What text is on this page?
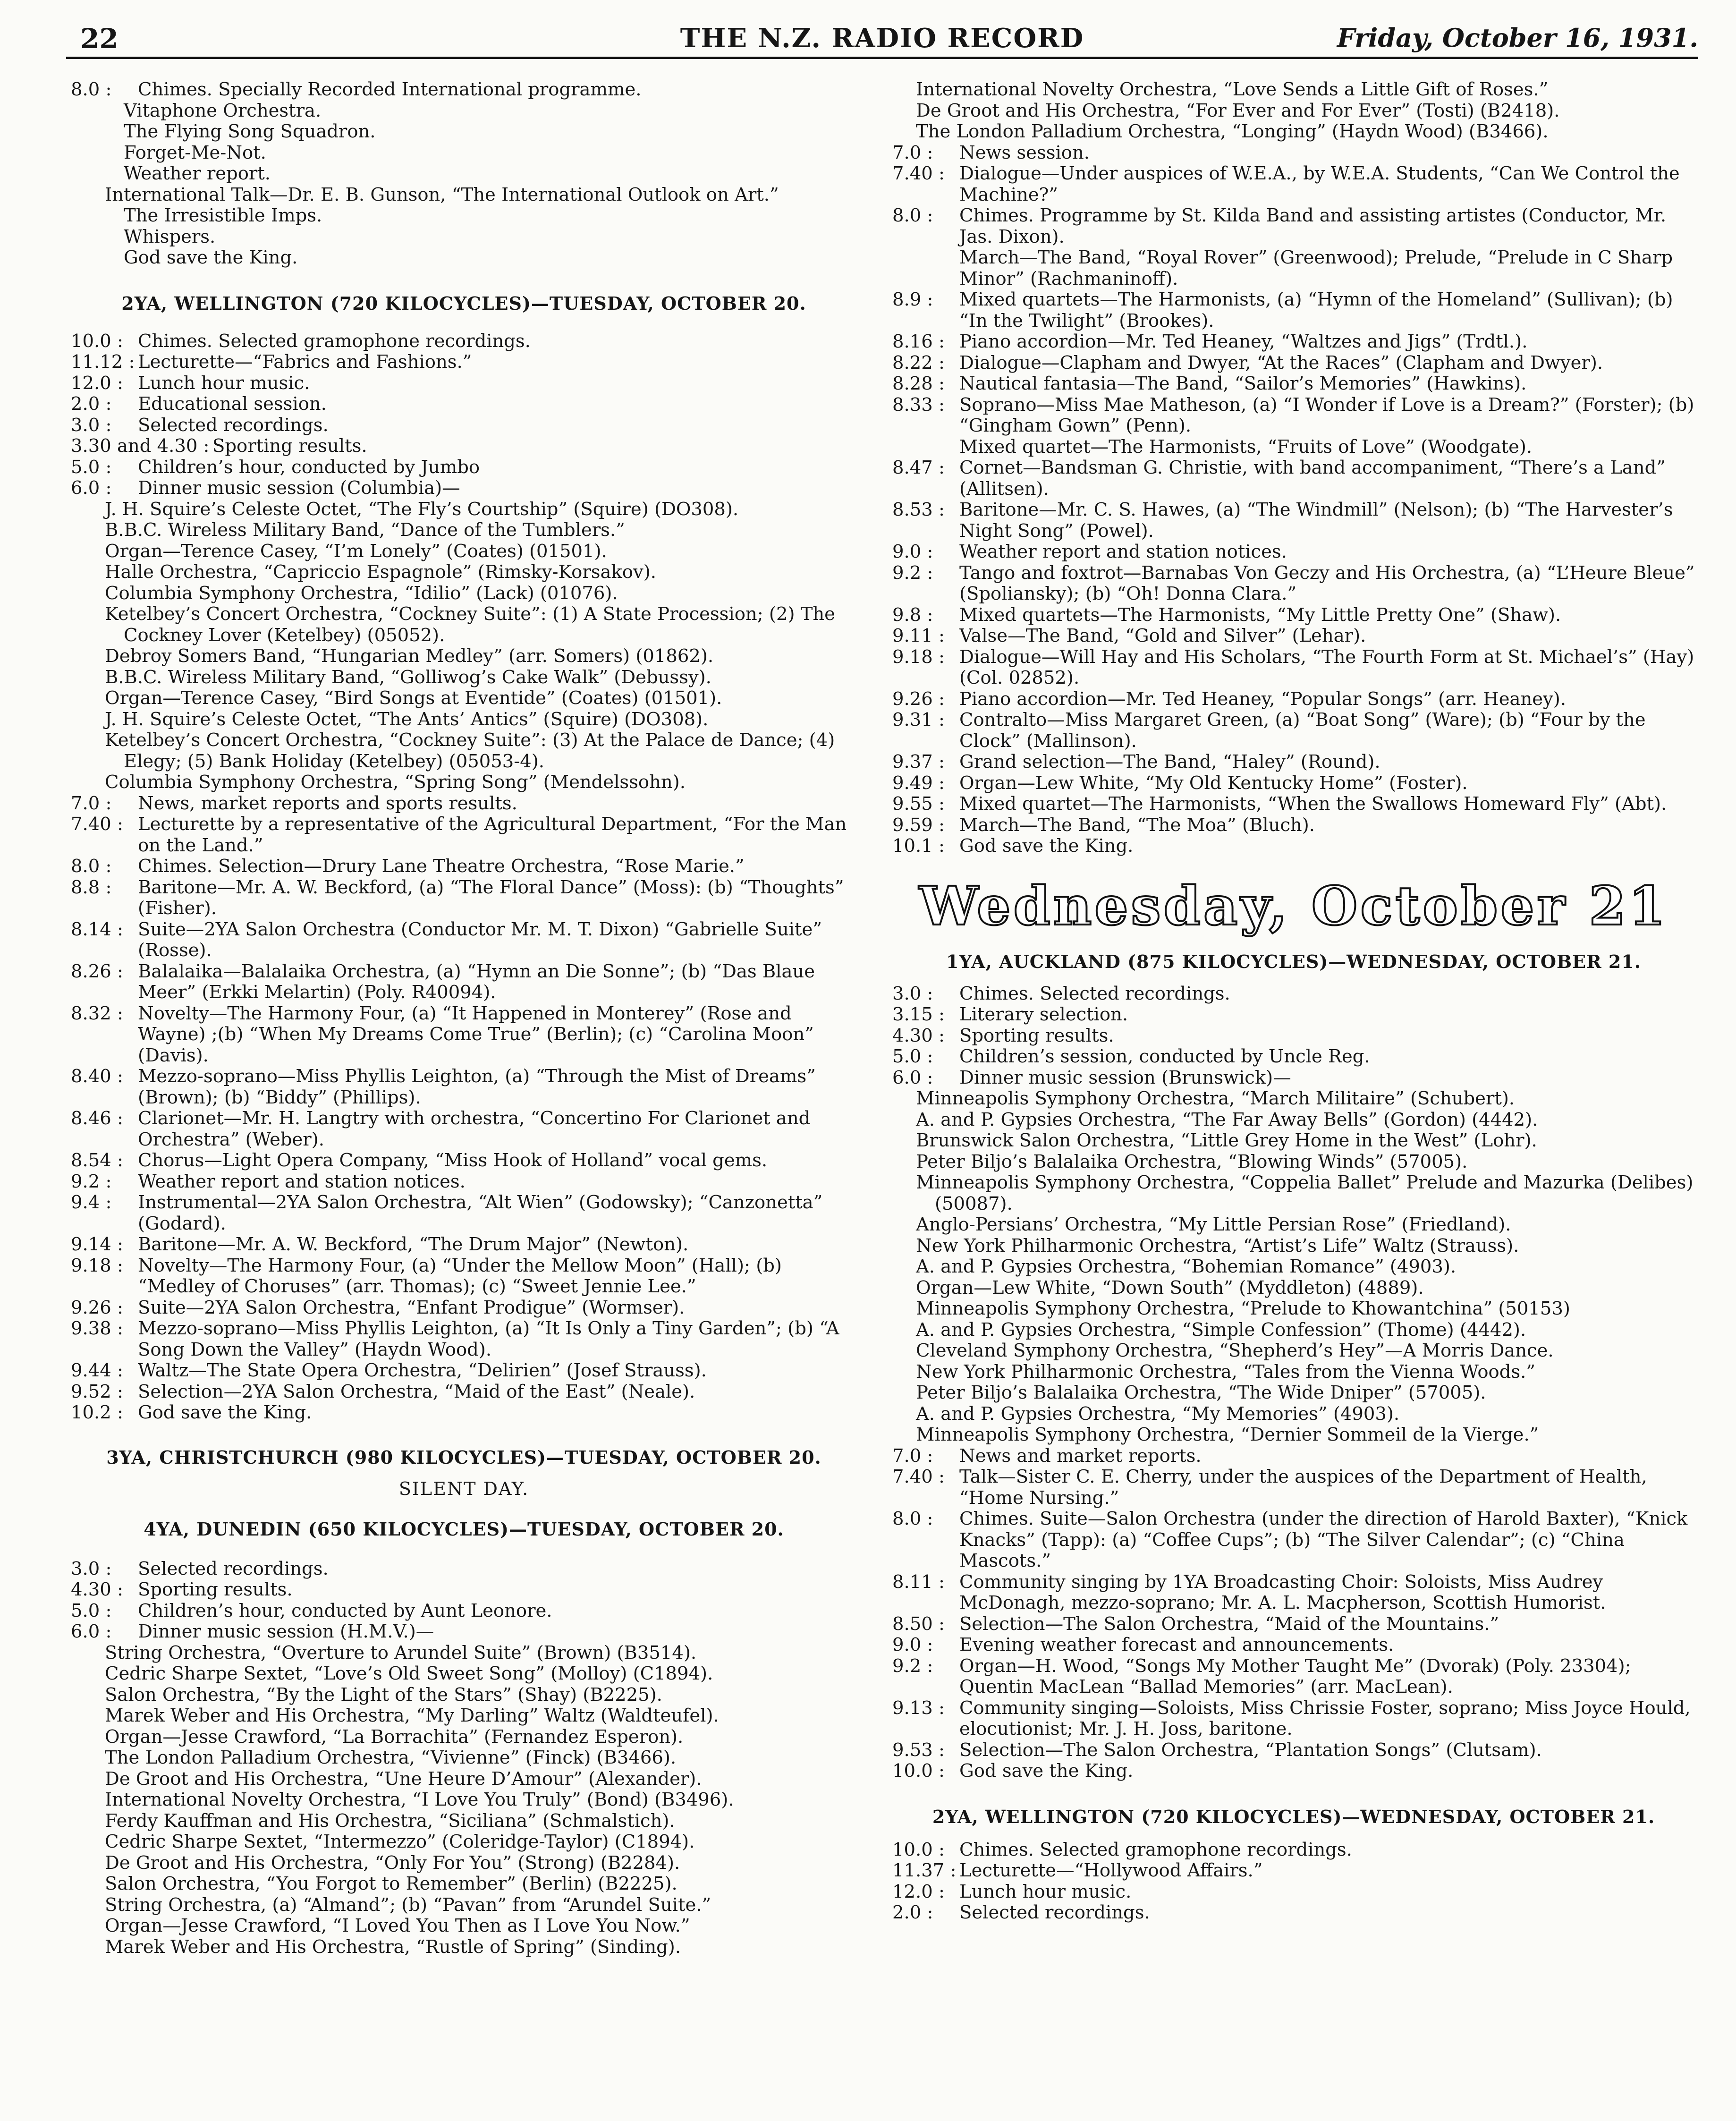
22	THE N.Z. RADIO RECORD	Friday, October 16, 1931.
8.0 :	Chimes. Specially Recorded International programme.
Vitaphone Orchestra.
The Flying Song Squadron.
Forget-Me-Not.
Weather report.
International Talk—Dr. E. B. Gunson, “The International Outlook on Art.”
The Irresistible Imps.
Whispers.
God save the King.
2YA, WELLINGTON (720 KILOCYCLES)—TUESDAY, OCTOBER 20.
10.0 : Chimes. Selected gramophone recordings.
11.12 : Lecturette—“Fabrics and Fashions.”
12.0 : Lunch hour music.
2.0 :	Educational session.
3.0 :	Selected recordings.
3.30 and 4.30 : Sporting results.
5.0 :	Children’s hour, conducted by Jumbo
6.0 :	Dinner music session (Columbia)—
J. H. Squire’s Celeste Octet, “The Fly’s Courtship” (Squire) (DO308).
B.B.C. Wireless Military Band, “Dance of the Tumblers.”
Organ—Terence Casey, “I’m Lonely” (Coates) (01501).
Halle Orchestra, “Capriccio Espagnole” (Rimsky-Korsakov).
Columbia Symphony Orchestra, “Idilio” (Lack) (01076).
Ketelbey’s Concert Orchestra, “Cockney Suite”: (1) A State Procession; (2) The Cockney Lover (Ketelbey) (05052).
Debroy Somers Band, “Hungarian Medley” (arr. Somers) (01862).
B.B.C. Wireless Military Band, “Golliwog’s Cake Walk” (Debussy).
Organ—Terence Casey, “Bird Songs at Eventide” (Coates) (01501).
J. H. Squire’s Celeste Octet, “The Ants’ Antics” (Squire) (DO308).
Ketelbey’s Concert Orchestra, “Cockney Suite”: (3) At the Palace de Dance; (4) Elegy; (5) Bank Holiday (Ketelbey) (05053-4).
Columbia Symphony Orchestra, “Spring Song” (Mendelssohn).
7.0 :	News, market reports and sports results.
7.40 : Lecturette by a representative of the Agricultural Department, “For the Man on the Land.”
8.0 :	Chimes. Selection—Drury Lane Theatre Orchestra, “Rose Marie.”
8.8 :	Baritone—Mr. A. W. Beckford, (a) “The Floral Dance” (Moss): (b) “Thoughts” (Fisher).
8.14 : Suite—2YA Salon Orchestra (Conductor Mr. M. T. Dixon) “Gabrielle Suite” (Rosse).
8.26 : Balalaika—Balalaika Orchestra, (a) “Hymn an Die Sonne”; (b) “Das Blaue Meer” (Erkki Melartin) (Poly. R40094).
8.32 : Novelty—The Harmony Four, (a) “It Happened in Monterey” (Rose and Wayne) ;(b) “When My Dreams Come True” (Berlin); (c) “Carolina Moon” (Davis).
8.40 : Mezzo-soprano—Miss Phyllis Leighton, (a) “Through the Mist of Dreams” (Brown); (b) “Biddy” (Phillips).
8.46 : Clarionet—Mr. H. Langtry with orchestra, “Concertino For Clarionet and Orchestra” (Weber).
8.54 : Chorus—Light Opera Company, “Miss Hook of Holland” vocal gems.
9.2 :	Weather report and station notices.
9.4 :	Instrumental—2YA Salon Orchestra, “Alt Wien” (Godowsky); “Canzonetta” (Godard).
9.14 : Baritone—Mr. A. W. Beckford, “The Drum Major” (Newton).
9.18 : Novelty—The Harmony Four, (a) “Under the Mellow Moon” (Hall); (b) “Medley of Choruses” (arr. Thomas); (c) “Sweet Jennie Lee.”
9.26 : Suite—2YA Salon Orchestra, “Enfant Prodigue” (Wormser).
9.38 : Mezzo-soprano—Miss Phyllis Leighton, (a) “It Is Only a Tiny Garden”; (b) “A Song Down the Valley” (Haydn Wood).
9.44 : Waltz—The State Opera Orchestra, “Delirien” (Josef Strauss).
9.52 : Selection—2YA Salon Orchestra, “Maid of the East” (Neale).
10.2 : God save the King.
3YA, CHRISTCHURCH (980 KILOCYCLES)—TUESDAY, OCTOBER 20.
SILENT DAY.
4YA, DUNEDIN (650 KILOCYCLES)—TUESDAY, OCTOBER 20.
3.0 :	Selected recordings.
4.30 : Sporting results.
5.0 :	Children’s hour, conducted by Aunt Leonore.
6.0 :	Dinner music session (H.M.V.)—
String Orchestra, “Overture to Arundel Suite” (Brown) (B3514).
Cedric Sharpe Sextet, “Love’s Old Sweet Song” (Molloy) (C1894).
Salon Orchestra, “By the Light of the Stars” (Shay) (B2225).
Marek Weber and His Orchestra, “My Darling” Waltz (Waldteufel).
Organ—Jesse Crawford, “La Borrachita” (Fernandez Esperon).
The London Palladium Orchestra, “Vivienne” (Finck) (B3466).
De Groot and His Orchestra, “Une Heure D’Amour” (Alexander).
International Novelty Orchestra, “I Love You Truly” (Bond) (B3496).
Ferdy Kauffman and His Orchestra, “Siciliana” (Schmalstich).
Cedric Sharpe Sextet, “Intermezzo” (Coleridge-Taylor) (C1894).
De Groot and His Orchestra, “Only For You” (Strong) (B2284).
Salon Orchestra, “You Forgot to Remember” (Berlin) (B2225).
String Orchestra, (a) “Almand”; (b) “Pavan” from “Arundel Suite.”
Organ—Jesse Crawford, “I Loved You Then as I Love You Now.”
Marek Weber and His Orchestra, “Rustle of Spring” (Sinding).
International Novelty Orchestra, “Love Sends a Little Gift of Roses.”
De Groot and His Orchestra, “For Ever and For Ever” (Tosti) (B2418).
The London Palladium Orchestra, “Longing” (Haydn Wood) (B3466).
7.0 :	News session.
7.40 : Dialogue—Under auspices of W.E.A., by W.E.A. Students, “Can We Control the Machine?”
8.0 :	Chimes. Programme by St. Kilda Band and assisting artistes (Conductor, Mr. Jas. Dixon).
March—The Band, “Royal Rover” (Greenwood); Prelude, “Prelude in C Sharp Minor” (Rachmaninoff).
8.9 :	Mixed quartets—The Harmonists, (a) “Hymn of the Homeland” (Sullivan); (b) “In the Twilight” (Brookes).
8.16 : Piano accordion—Mr. Ted Heaney, “Waltzes and Jigs” (Trdtl.).
8.22 : Dialogue—Clapham and Dwyer, “At the Races” (Clapham and Dwyer).
8.28 : Nautical fantasia—The Band, “Sailor’s Memories” (Hawkins).
8.33 : Soprano—Miss Mae Matheson, (a) “I Wonder if Love is a Dream?” (Forster); (b) “Gingham Gown” (Penn).
Mixed quartet—The Harmonists, “Fruits of Love” (Woodgate).
8.47 : Cornet—Bandsman G. Christie, with band accompaniment, “There’s a Land” (Allitsen).
8.53 : Baritone—Mr. C. S. Hawes, (a) “The Windmill” (Nelson); (b) “The Harvester’s Night Song” (Powel).
9.0 :	Weather report and station notices.
9.2 :	Tango and foxtrot—Barnabas Von Geczy and His Orchestra, (a) “L’Heure Bleue” (Spoliansky); (b) “Oh! Donna Clara.”
9.8 :	Mixed quartets—The Harmonists, “My Little Pretty One” (Shaw).
9.11 : Valse—The Band, “Gold and Silver” (Lehar).
9.18 : Dialogue—Will Hay and His Scholars, “The Fourth Form at St. Michael’s” (Hay) (Col. 02852).
9.26 : Piano accordion—Mr. Ted Heaney, “Popular Songs” (arr. Heaney).
9.31 : Contralto—Miss Margaret Green, (a) “Boat Song” (Ware); (b) “Four by the Clock” (Mallinson).
9.37 : Grand selection—The Band, “Haley” (Round).
9.49 : Organ—Lew White, “My Old Kentucky Home” (Foster).
9.55 : Mixed quartet—The Harmonists, “When the Swallows Homeward Fly” (Abt).
9.59 : March—The Band, “The Moa” (Bluch).
10.1 : God save the King.
Wednesday, October 21
1YA, AUCKLAND (875 KILOCYCLES)—WEDNESDAY, OCTOBER 21.
3.0 :	Chimes. Selected recordings.
3.15 : Literary selection.
4.30 : Sporting results.
5.0 :	Children’s session, conducted by Uncle Reg.
6.0 :	Dinner music session (Brunswick)—
Minneapolis Symphony Orchestra, “March Militaire” (Schubert).
A. and P. Gypsies Orchestra, “The Far Away Bells” (Gordon) (4442).
Brunswick Salon Orchestra, “Little Grey Home in the West” (Lohr).
Peter Biljo’s Balalaika Orchestra, “Blowing Winds” (57005).
Minneapolis Symphony Orchestra, “Coppelia Ballet” Prelude and Mazurka (Delibes) (50087).
Anglo-Persians’ Orchestra, “My Little Persian Rose” (Friedland).
New York Philharmonic Orchestra, “Artist’s Life” Waltz (Strauss).
A. and P. Gypsies Orchestra, “Bohemian Romance” (4903).
Organ—Lew White, “Down South” (Myddleton) (4889).
Minneapolis Symphony Orchestra, “Prelude to Khowantchina” (50153)
A. and P. Gypsies Orchestra, “Simple Confession” (Thome) (4442).
Cleveland Symphony Orchestra, “Shepherd’s Hey”—A Morris Dance.
New York Philharmonic Orchestra, “Tales from the Vienna Woods.”
Peter Biljo’s Balalaika Orchestra, “The Wide Dniper” (57005).
A. and P. Gypsies Orchestra, “My Memories” (4903).
Minneapolis Symphony Orchestra, “Dernier Sommeil de la Vierge.”
7.0 :	News and market reports.
7.40 : Talk—Sister C. E. Cherry, under the auspices of the Department of Health, “Home Nursing.”
8.0 :	Chimes. Suite—Salon Orchestra (under the direction of Harold Baxter), “Knick Knacks” (Tapp): (a) “Coffee Cups”; (b) “The Silver Calendar”; (c) “China Mascots.”
8.11 : Community singing by 1YA Broadcasting Choir: Soloists, Miss Audrey McDonagh, mezzo-soprano; Mr. A. L. Macpherson, Scottish Humorist.
8.50 : Selection—The Salon Orchestra, “Maid of the Mountains.”
9.0 :	Evening weather forecast and announcements.
9.2 :	Organ—H. Wood, “Songs My Mother Taught Me” (Dvorak) (Poly. 23304); Quentin MacLean “Ballad Memories” (arr. MacLean).
9.13 : Community singing—Soloists, Miss Chrissie Foster, soprano; Miss Joyce Hould, elocutionist; Mr. J. H. Joss, baritone.
9.53 : Selection—The Salon Orchestra, “Plantation Songs” (Clutsam).
10.0 : God save the King.
2YA, WELLINGTON (720 KILOCYCLES)—WEDNESDAY, OCTOBER 21.
10.0 : Chimes. Selected gramophone recordings.
11.37 : Lecturette—“Hollywood Affairs.”
12.0 : Lunch hour music.
2.0 :	Selected recordings.
